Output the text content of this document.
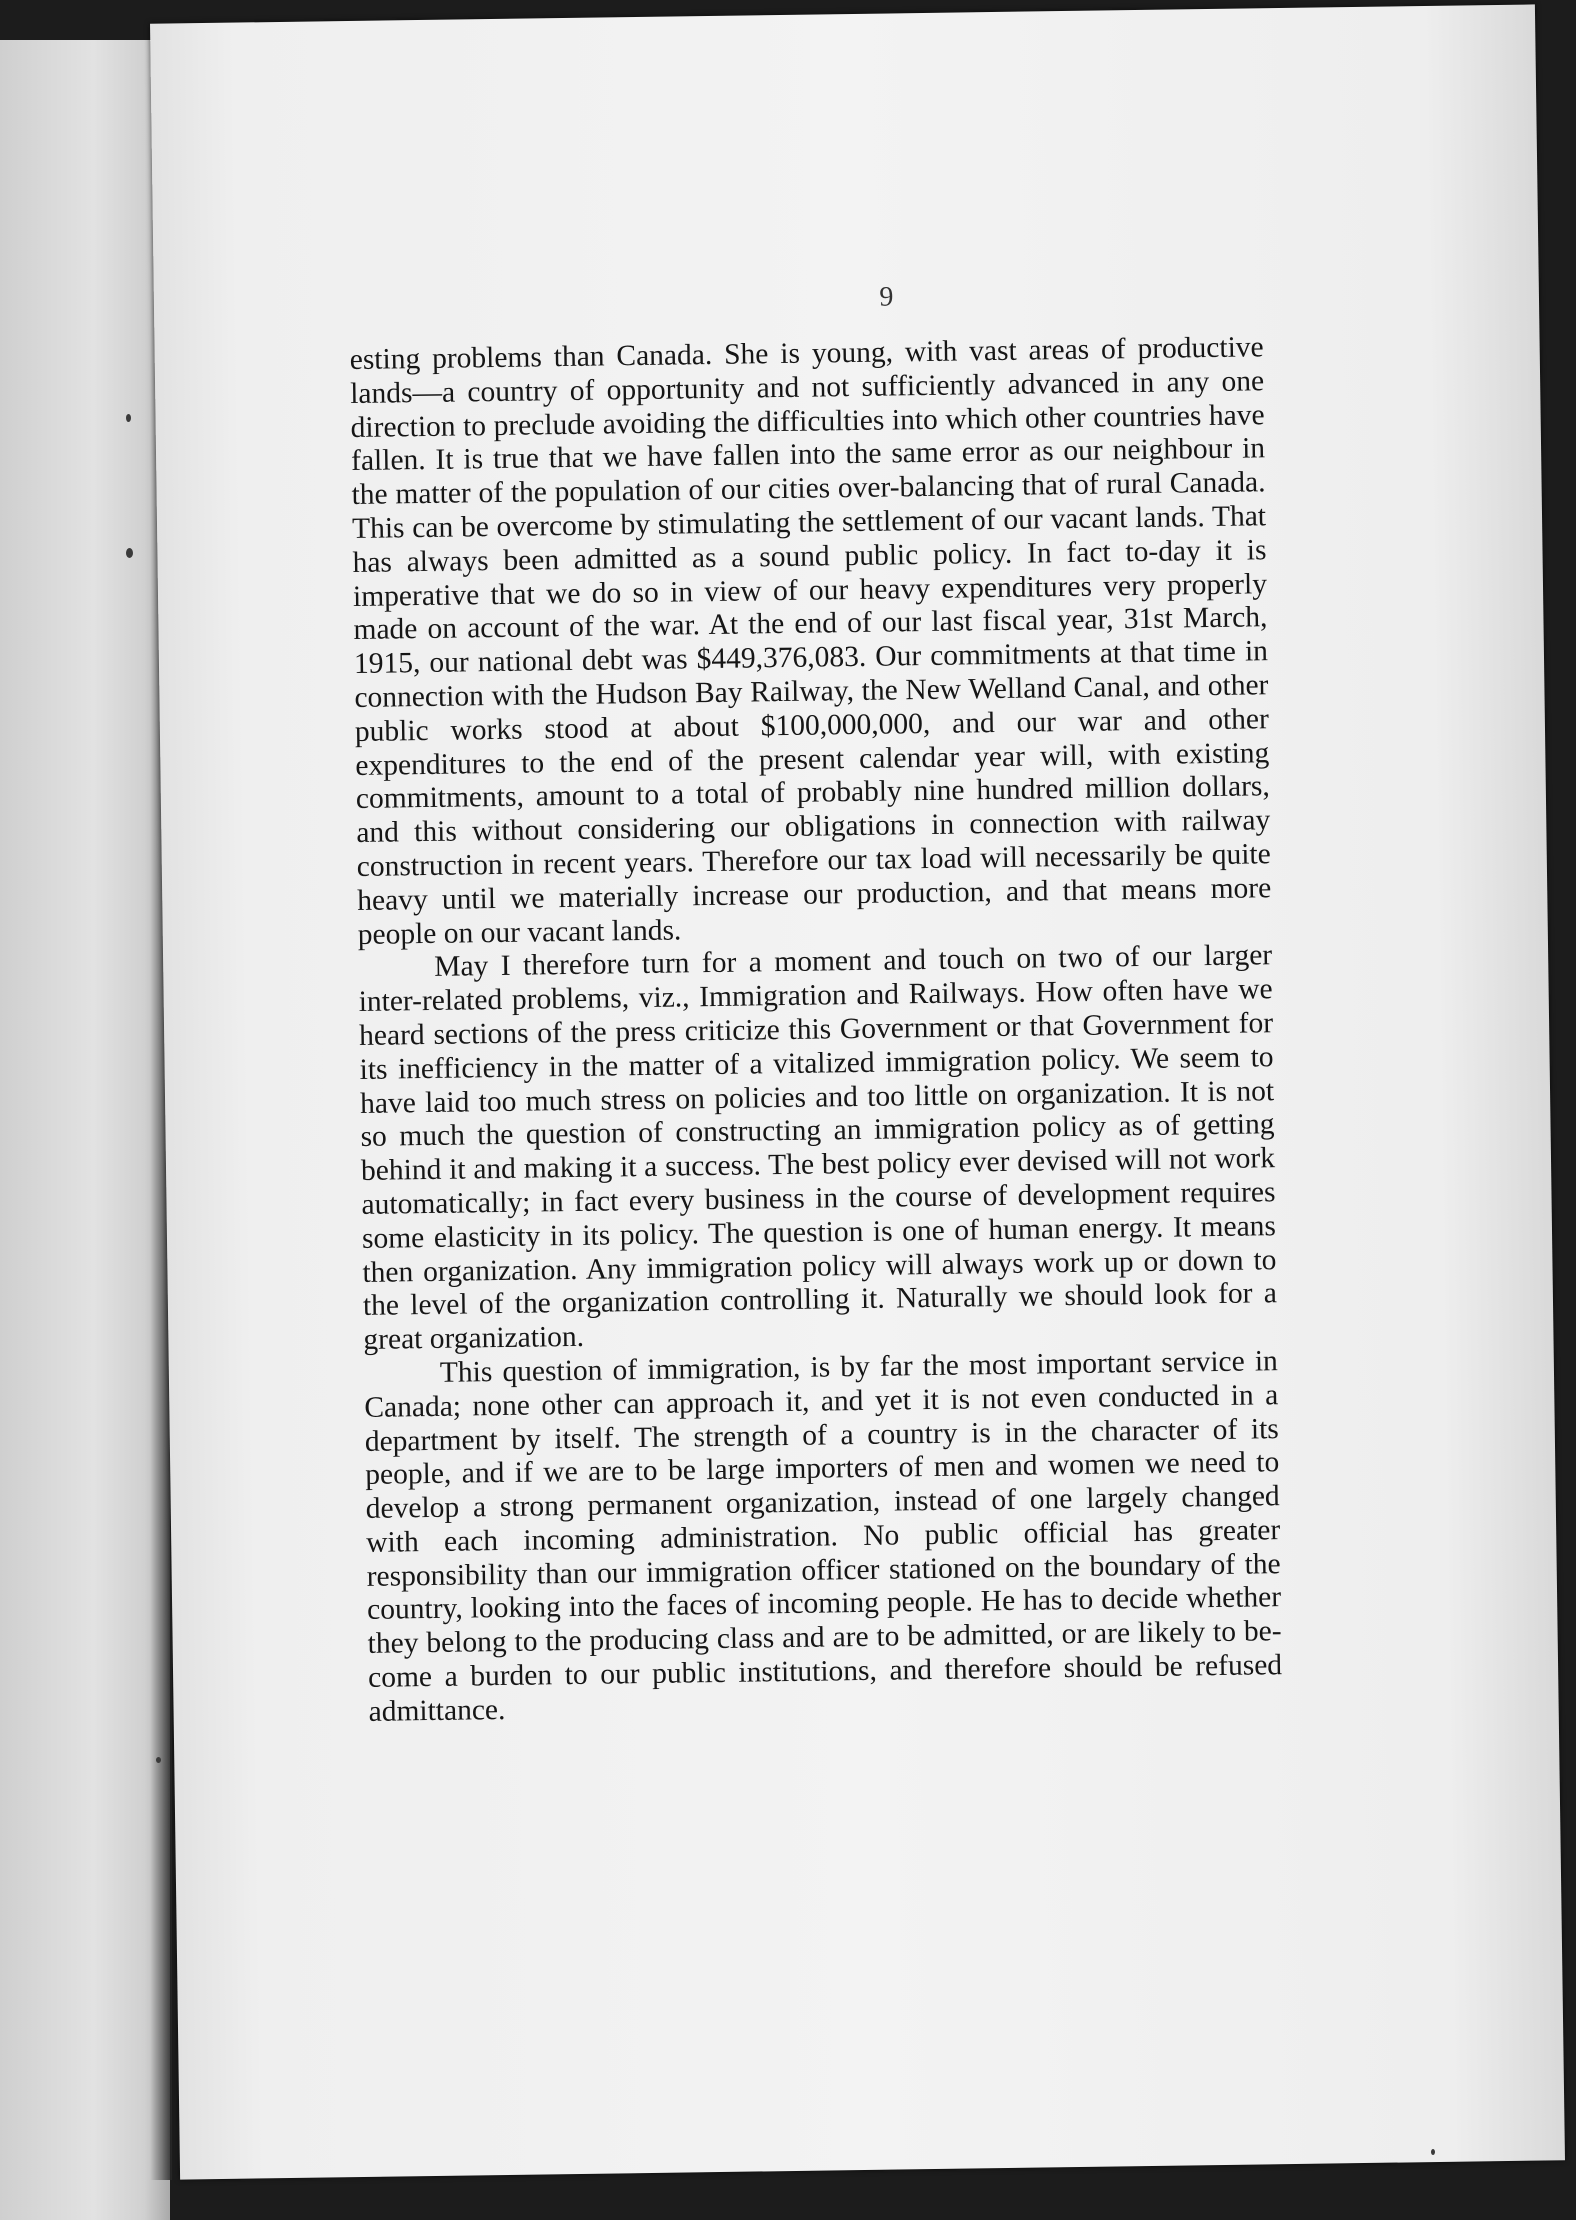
9

esting problems than Canada. She is young, with vast areas of productive lands—a country of opportunity and not sufficiently advanced in any one direction to preclude avoiding the difficulties into which other countries have fallen. It is true that we have fallen into the same error as our neighbour in the matter of the population of our cities over-balancing that of rural Canada. This can be overcome by stimulating the settlement of our vacant lands. That has always been admitted as a sound public policy. In fact to-day it is imperative that we do so in view of our heavy expenditures very properly made on account of the war. At the end of our last fiscal year, 31st March, 1915, our national debt was $449,376,083. Our commitments at that time in connection with the Hudson Bay Railway, the New Welland Canal, and other public works stood at about $100,000,000, and our war and other expenditures to the end of the present calendar year will, with existing commitments, amount to a total of probably nine hundred million dollars, and this without considering our obligations in connection with railway construction in recent years. Therefore our tax load will necessarily be quite heavy until we materially increase our production, and that means more people on our vacant lands.

May I therefore turn for a moment and touch on two of our larger inter-related problems, viz., Immigration and Railways. How often have we heard sections of the press criticize this Government or that Government for its inefficiency in the matter of a vitalized immigration policy. We seem to have laid too much stress on policies and too little on organization. It is not so much the question of constructing an immigration policy as of getting behind it and making it a success. The best policy ever devised will not work automatically; in fact every business in the course of development requires some elasticity in its policy. The question is one of human energy. It means then organization. Any immigration policy will always work up or down to the level of the organization controlling it. Naturally we should look for a great organization.

This question of immigration, is by far the most important service in Canada; none other can approach it, and yet it is not even conducted in a department by itself. The strength of a country is in the character of its people, and if we are to be large importers of men and women we need to develop a strong permanent organization, instead of one largely changed with each incoming administration. No public official has greater responsibility than our immigration officer stationed on the boundary of the country, looking into the faces of incoming people. He has to decide whether they belong to the producing class and are to be admitted, or are likely to become a burden to our public institutions, and therefore should be refused admittance.
